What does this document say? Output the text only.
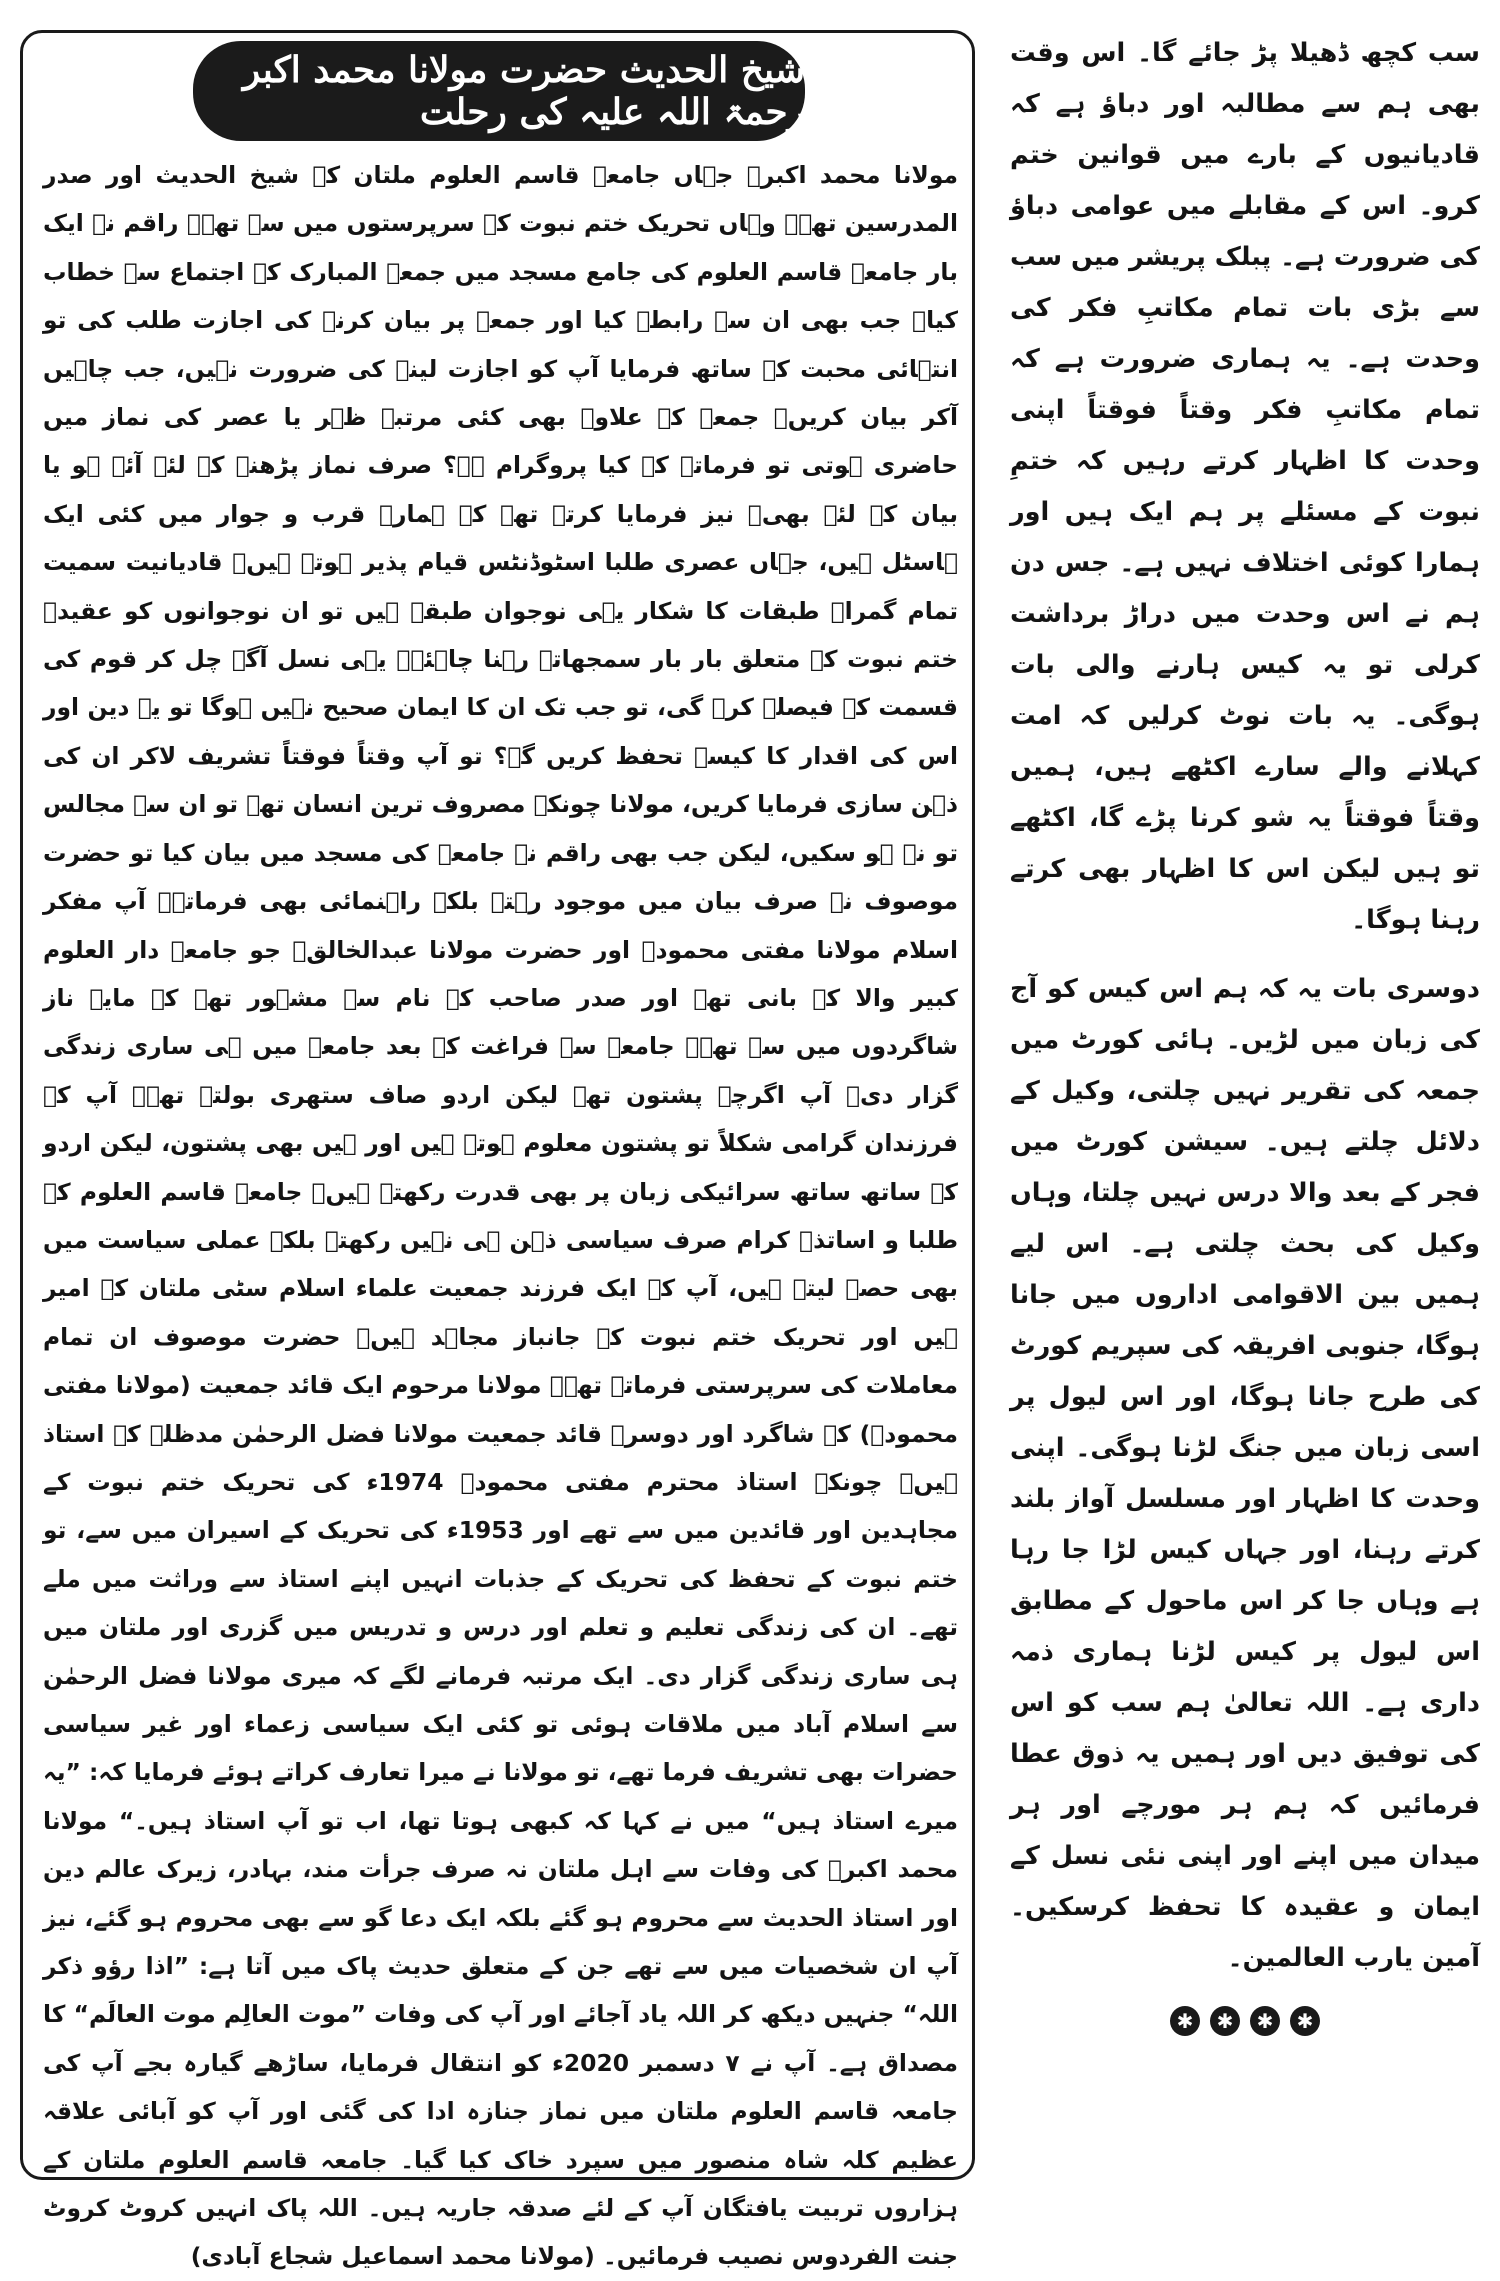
سب کچھ ڈھیلا پڑ جائے گا۔ اس وقت بھی ہم سے مطالبہ اور دباؤ ہے کہ قادیانیوں کے بارے میں قوانین ختم کرو۔ اس کے مقابلے میں عوامی دباؤ کی ضرورت ہے۔ پبلک پریشر میں سب سے بڑی بات تمام مکاتبِ فکر کی وحدت ہے۔ یہ ہماری ضرورت ہے کہ تمام مکاتبِ فکر وقتاً فوقتاً اپنی وحدت کا اظہار کرتے رہیں کہ ختمِ نبوت کے مسئلے پر ہم ایک ہیں اور ہمارا کوئی اختلاف نہیں ہے۔ جس دن ہم نے اس وحدت میں دراڑ برداشت کرلی تو یہ کیس ہارنے والی بات ہوگی۔ یہ بات نوٹ کرلیں کہ امت کہلانے والے سارے اکٹھے ہیں، ہمیں وقتاً فوقتاً یہ شو کرنا پڑے گا، اکٹھے تو ہیں لیکن اس کا اظہار بھی کرتے رہنا ہوگا۔

دوسری بات یہ کہ ہم اس کیس کو آج کی زبان میں لڑیں۔ ہائی کورٹ میں جمعہ کی تقریر نہیں چلتی، وکیل کے دلائل چلتے ہیں۔ سیشن کورٹ میں فجر کے بعد والا درس نہیں چلتا، وہاں وکیل کی بحث چلتی ہے۔ اس لیے ہمیں بین الاقوامی اداروں میں جانا ہوگا، جنوبی افریقہ کی سپریم کورٹ کی طرح جانا ہوگا، اور اس لیول پر اسی زبان میں جنگ لڑنا ہوگی۔ اپنی وحدت کا اظہار اور مسلسل آواز بلند کرتے رہنا، اور جہاں کیس لڑا جا رہا ہے وہاں جا کر اس ماحول کے مطابق اس لیول پر کیس لڑنا ہماری ذمہ داری ہے۔ اللہ تعالیٰ ہم سب کو اس کی توفیق دیں اور ہمیں یہ ذوق عطا فرمائیں کہ ہم ہر مورچے اور ہر میدان میں اپنے اور اپنی نئی نسل کے ایمان و عقیدہ کا تحفظ کرسکیں۔ آمین یارب العالمین۔

✱
✱
✱
✱
شیخ الحدیث حضرت مولانا محمد اکبر رحمۃ اللہ علیہ کی رحلت

مولانا محمد اکبرؒ جہاں جامعہ قاسم العلوم ملتان کے شیخ الحدیث اور صدر المدرسین تھے۔ وہاں تحریک ختم نبوت کے سرپرستوں میں سے تھے۔ راقم نے ایک بار جامعہ قاسم العلوم کی جامع مسجد میں جمعۃ المبارک کے اجتماع سے خطاب کیا۔ جب بھی ان سے رابطہ کیا اور جمعہ پر بیان کرنے کی اجازت طلب کی تو انتہائی محبت کے ساتھ فرمایا آپ کو اجازت لینے کی ضرورت نہیں، جب چاہیں آکر بیان کریں۔ جمعہ کے علاوہ بھی کئی مرتبہ ظہر یا عصر کی نماز میں حاضری ہوتی تو فرماتے کہ کیا پروگرام ہے؟ صرف نماز پڑھنے کے لئے آئے ہو یا بیان کے لئے بھی۔ نیز فرمایا کرتے تھے کہ ہمارے قرب و جوار میں کئی ایک ہاسٹل ہیں، جہاں عصری طلبا اسٹوڈنٹس قیام پذیر ہوتے ہیں۔ قادیانیت سمیت تمام گمراہ طبقات کا شکار یہی نوجوان طبقے ہیں تو ان نوجوانوں کو عقیدہ ختم نبوت کے متعلق بار بار سمجھاتے رہنا چاہئے۔ یہی نسل آگے چل کر قوم کی قسمت کے فیصلے کرے گی، تو جب تک ان کا ایمان صحیح نہیں ہوگا تو یہ دین اور اس کی اقدار کا کیسے تحفظ کریں گے؟ تو آپ وقتاً فوقتاً تشریف لاکر ان کی ذہن سازی فرمایا کریں، مولانا چونکہ مصروف ترین انسان تھے تو ان سے مجالس تو نہ ہو سکیں، لیکن جب بھی راقم نے جامعہ کی مسجد میں بیان کیا تو حضرت موصوف نہ صرف بیان میں موجود رہتے بلکہ راہنمائی بھی فرماتے۔ آپ مفکر اسلام مولانا مفتی محمودؒ اور حضرت مولانا عبدالخالقؒ جو جامعہ دار العلوم کبیر والا کے بانی تھے اور صدر صاحب کے نام سے مشہور تھے کے مایہ ناز شاگردوں میں سے تھے۔ جامعہ سے فراغت کے بعد جامعہ میں ہی ساری زندگی گزار دی۔ آپ اگرچہ پشتون تھے لیکن اردو صاف ستھری بولتے تھے۔ آپ کے فرزندان گرامی شکلاً تو پشتون معلوم ہوتے ہیں اور ہیں بھی پشتون، لیکن اردو کے ساتھ ساتھ سرائیکی زبان پر بھی قدرت رکھتے ہیں۔ جامعہ قاسم العلوم کے طلبا و اساتذہ کرام صرف سیاسی ذہن ہی نہیں رکھتے بلکہ عملی سیاست میں بھی حصہ لیتے ہیں، آپ کے ایک فرزند جمعیت علماء اسلام سٹی ملتان کے امیر ہیں اور تحریک ختم نبوت کے جانباز مجاہد ہیں۔ حضرت موصوف ان تمام معاملات کی سرپرستی فرماتے تھے۔ مولانا مرحوم ایک قائد جمعیت (مولانا مفتی محمودؒ) کے شاگرد اور دوسرے قائد جمعیت مولانا فضل الرحمٰن مدظلہ کے استاذ ہیں۔ چونکہ استاذ محترم مفتی محمودؒ 1974ء کی تحریک ختم نبوت کے مجاہدین اور قائدین میں سے تھے اور 1953ء کی تحریک کے اسیران میں سے، تو ختم نبوت کے تحفظ کی تحریک کے جذبات انہیں اپنے استاذ سے وراثت میں ملے تھے۔ ان کی زندگی تعلیم و تعلم اور درس و تدریس میں گزری اور ملتان میں ہی ساری زندگی گزار دی۔ ایک مرتبہ فرمانے لگے کہ میری مولانا فضل الرحمٰن سے اسلام آباد میں ملاقات ہوئی تو کئی ایک سیاسی زعماء اور غیر سیاسی حضرات بھی تشریف فرما تھے، تو مولانا نے میرا تعارف کراتے ہوئے فرمایا کہ: ”یہ میرے استاذ ہیں“ میں نے کہا کہ کبھی ہوتا تھا، اب تو آپ استاذ ہیں۔“ مولانا محمد اکبرؒ کی وفات سے اہل ملتان نہ صرف جرأت مند، بہادر، زیرک عالم دین اور استاذ الحدیث سے محروم ہو گئے بلکہ ایک دعا گو سے بھی محروم ہو گئے، نیز آپ ان شخصیات میں سے تھے جن کے متعلق حدیث پاک میں آتا ہے: ”اذا رؤو ذکر اللہ“ جنہیں دیکھ کر اللہ یاد آجائے اور آپ کی وفات ”موت العالِم موت العالَم“ کا مصداق ہے۔ آپ نے ۷ دسمبر 2020ء کو انتقال فرمایا، ساڑھے گیارہ بجے آپ کی جامعہ قاسم العلوم ملتان میں نماز جنازہ ادا کی گئی اور آپ کو آبائی علاقہ عظیم کلہ شاہ منصور میں سپرد خاک کیا گیا۔ جامعہ قاسم العلوم ملتان کے ہزاروں تربیت یافتگان آپ کے لئے صدقہ جاریہ ہیں۔ اللہ پاک انہیں کروٹ کروٹ جنت الفردوس نصیب فرمائیں۔ (مولانا محمد اسماعیل شجاع آبادی)
